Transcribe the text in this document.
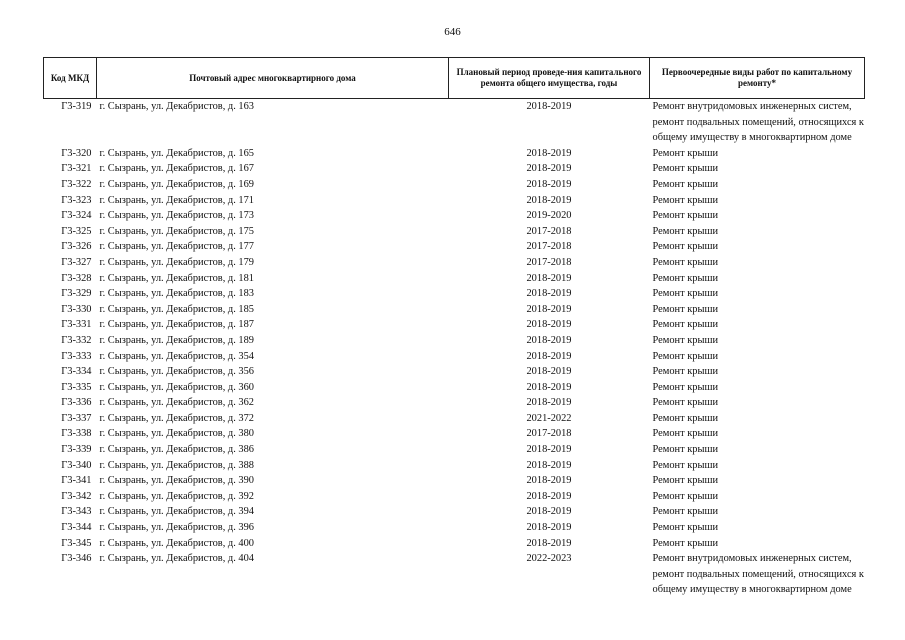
646
Код МКД	Почтовый адрес многоквартирного дома	Плановый период проведе-ния капитального ремонта общего имущества, годы	Первоочередные виды работ по капитальному ремонту*
Г3-319	г. Сызрань, ул. Декабристов, д. 163	2018-2019	Ремонт внутридомовых инженерных систем, ремонт подвальных помещений, относящихся к общему имуществу в многоквартирном доме
Г3-320	г. Сызрань, ул. Декабристов, д. 165	2018-2019	Ремонт крыши
Г3-321	г. Сызрань, ул. Декабристов, д. 167	2018-2019	Ремонт крыши
Г3-322	г. Сызрань, ул. Декабристов, д. 169	2018-2019	Ремонт крыши
Г3-323	г. Сызрань, ул. Декабристов, д. 171	2018-2019	Ремонт крыши
Г3-324	г. Сызрань, ул. Декабристов, д. 173	2019-2020	Ремонт крыши
Г3-325	г. Сызрань, ул. Декабристов, д. 175	2017-2018	Ремонт крыши
Г3-326	г. Сызрань, ул. Декабристов, д. 177	2017-2018	Ремонт крыши
Г3-327	г. Сызрань, ул. Декабристов, д. 179	2017-2018	Ремонт крыши
Г3-328	г. Сызрань, ул. Декабристов, д. 181	2018-2019	Ремонт крыши
Г3-329	г. Сызрань, ул. Декабристов, д. 183	2018-2019	Ремонт крыши
Г3-330	г. Сызрань, ул. Декабристов, д. 185	2018-2019	Ремонт крыши
Г3-331	г. Сызрань, ул. Декабристов, д. 187	2018-2019	Ремонт крыши
Г3-332	г. Сызрань, ул. Декабристов, д. 189	2018-2019	Ремонт крыши
Г3-333	г. Сызрань, ул. Декабристов, д. 354	2018-2019	Ремонт крыши
Г3-334	г. Сызрань, ул. Декабристов, д. 356	2018-2019	Ремонт крыши
Г3-335	г. Сызрань, ул. Декабристов, д. 360	2018-2019	Ремонт крыши
Г3-336	г. Сызрань, ул. Декабристов, д. 362	2018-2019	Ремонт крыши
Г3-337	г. Сызрань, ул. Декабристов, д. 372	2021-2022	Ремонт крыши
Г3-338	г. Сызрань, ул. Декабристов, д. 380	2017-2018	Ремонт крыши
Г3-339	г. Сызрань, ул. Декабристов, д. 386	2018-2019	Ремонт крыши
Г3-340	г. Сызрань, ул. Декабристов, д. 388	2018-2019	Ремонт крыши
Г3-341	г. Сызрань, ул. Декабристов, д. 390	2018-2019	Ремонт крыши
Г3-342	г. Сызрань, ул. Декабристов, д. 392	2018-2019	Ремонт крыши
Г3-343	г. Сызрань, ул. Декабристов, д. 394	2018-2019	Ремонт крыши
Г3-344	г. Сызрань, ул. Декабристов, д. 396	2018-2019	Ремонт крыши
Г3-345	г. Сызрань, ул. Декабристов, д. 400	2018-2019	Ремонт крыши
Г3-346	г. Сызрань, ул. Декабристов, д. 404	2022-2023	Ремонт внутридомовых инженерных систем, ремонт подвальных помещений, относящихся к общему имуществу в многоквартирном доме
